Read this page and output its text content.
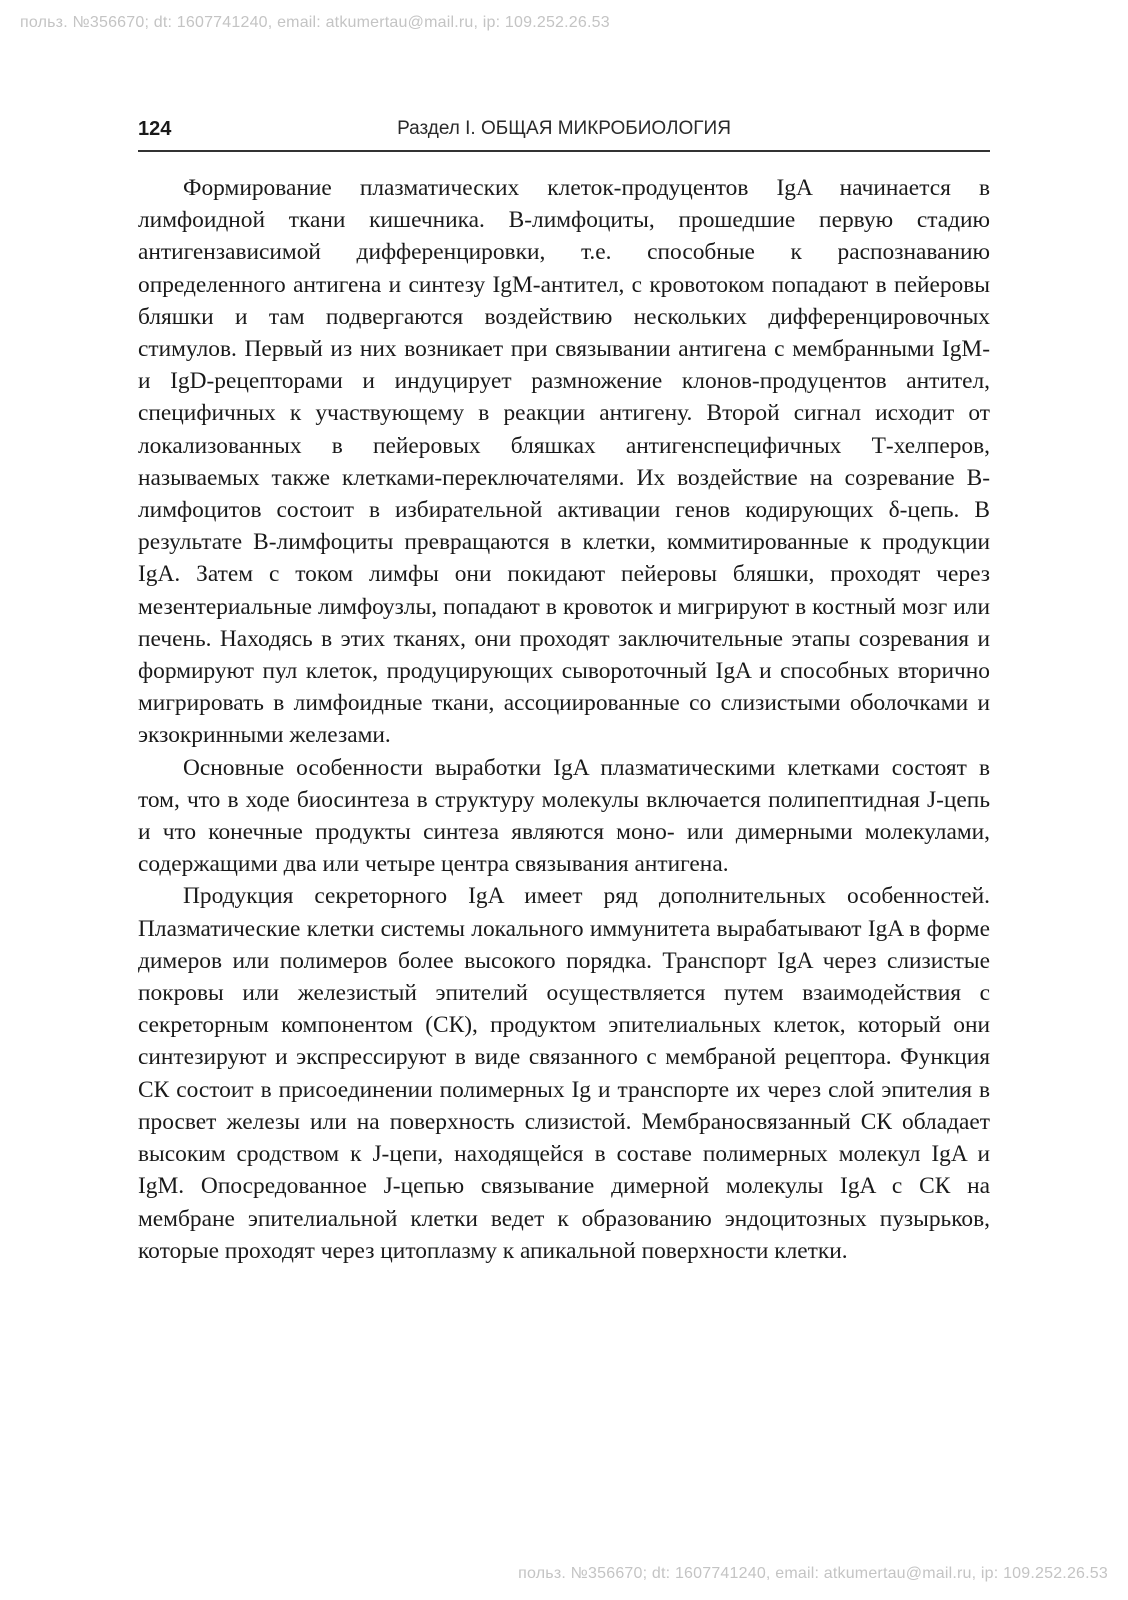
польз. №356670; dt: 1607741240, email: atkumertau@mail.ru, ip: 109.252.26.53
124	Раздел I. ОБЩАЯ МИКРОБИОЛОГИЯ

Формирование плазматических клеток-продуцентов IgA начинается в лимфоидной ткани кишечника. В-лимфоциты, прошедшие первую стадию антигензависимой дифференцировки, т.е. способные к распознаванию определенного антигена и синтезу IgM-антител, с кровотоком попадают в пейеровы бляшки и там подвергаются воздействию нескольких дифференцировочных стимулов. Первый из них возникает при связывании антигена с мембранными IgM- и IgD-рецепторами и индуцирует размножение клонов-продуцентов антител, специфичных к участвующему в реакции антигену. Второй сигнал исходит от локализованных в пейеровых бляшках антигенспецифичных Т-хелперов, называемых также клетками-переключателями. Их воздействие на созревание В-лимфоцитов состоит в избирательной активации генов кодирующих δ-цепь. В результате В-лимфоциты превращаются в клетки, коммитированные к продукции IgA. Затем с током лимфы они покидают пейеровы бляшки, проходят через мезентериальные лимфоузлы, попадают в кровоток и мигрируют в костный мозг или печень. Находясь в этих тканях, они проходят заключительные этапы созревания и формируют пул клеток, продуцирующих сывороточный IgA и способных вторично мигрировать в лимфоидные ткани, ассоциированные со слизистыми оболочками и экзокринными железами.

Основные особенности выработки IgA плазматическими клетками состоят в том, что в ходе биосинтеза в структуру молекулы включается полипептидная J-цепь и что конечные продукты синтеза являются моно- или димерными молекулами, содержащими два или четыре центра связывания антигена.

Продукция секреторного IgA имеет ряд дополнительных особенностей. Плазматические клетки системы локального иммунитета вырабатывают IgA в форме димеров или полимеров более высокого порядка. Транспорт IgA через слизистые покровы или железистый эпителий осуществляется путем взаимодействия с секреторным компонентом (СК), продуктом эпителиальных клеток, который они синтезируют и экспрессируют в виде связанного с мембраной рецептора. Функция СК состоит в присоединении полимерных Ig и транспорте их через слой эпителия в просвет железы или на поверхность слизистой. Мембраносвязанный СК обладает высоким сродством к J-цепи, находящейся в составе полимерных молекул IgA и IgM. Опосредованное J-цепью связывание димерной молекулы IgA с СК на мембране эпителиальной клетки ведет к образованию эндоцитозных пузырьков, которые проходят через цитоплазму к апикальной поверхности клетки.

польз. №356670; dt: 1607741240, email: atkumertau@mail.ru, ip: 109.252.26.53
